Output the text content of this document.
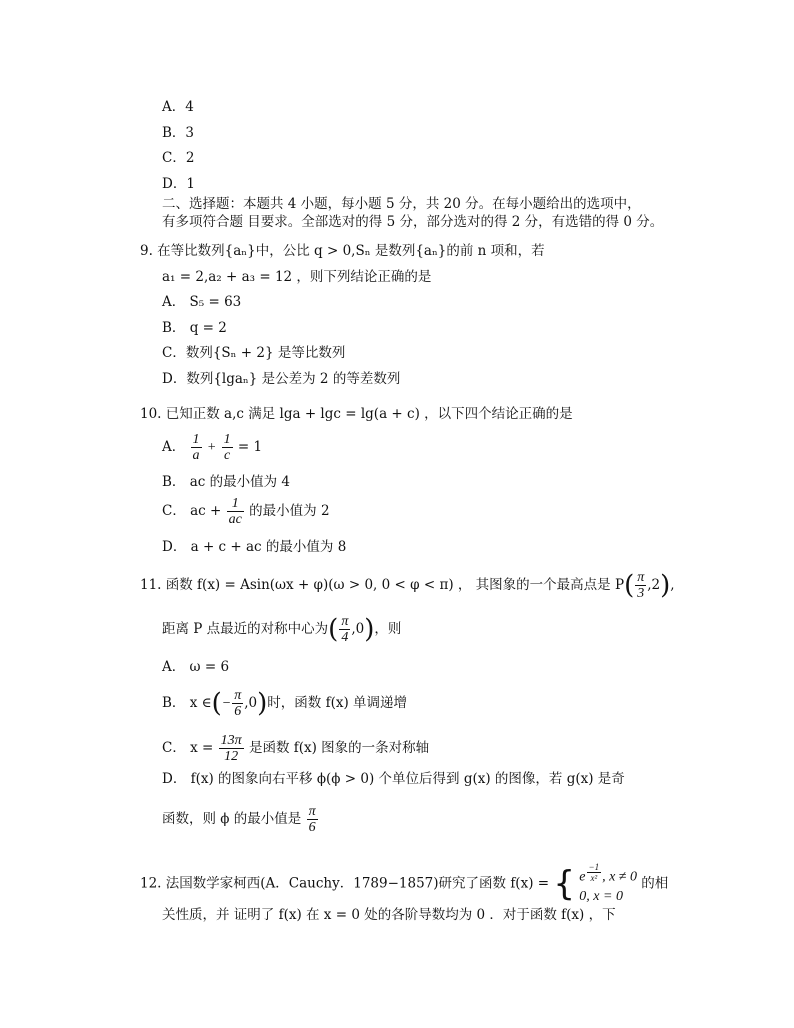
A．4
B．3
C．2
D．1
二、选择题：本题共 4 小题，每小题 5 分，共 20 分。在每小题给出的选项中，
有多项符合题 目要求。全部选对的得 5 分，部分选对的得 2 分，有选错的得 0 分。
9. 在等比数列{aₙ}中，公比 q > 0,Sₙ 是数列{aₙ}的前 n 项和，若
a₁ = 2,a₂ + a₃ = 12 ，则下列结论正确的是
A． S₅ = 63
B． q = 2
C．数列{Sₙ + 2} 是等比数列
D．数列{lgaₙ} 是公差为 2 的等差数列
10. 已知正数 a,c 满足 lga + lgc = lg(a + c) ，以下四个结论正确的是
A． $\frac{1}{a} + \frac{1}{c} = 1$
B． ac 的最小值为 4
C． ac + $\frac{1}{ac}$ 的最小值为 2
D． a + c + ac 的最小值为 8
11. 函数 f(x) = Asin(ωx + φ)(ω > 0, 0 < φ < π) ， 其图象的一个最高点是 $P( \frac{\pi}{3} ,2)$,
距离 P 点最近的对称中心为( $\frac{\pi}{4} ,0$)，则
A． ω = 6
B． x ∈(− $\frac{\pi}{6} ,0$)时，函数 f(x) 单调递增
C． $x = \frac{13\pi}{12}$ 是函数 f(x) 图象的一条对称轴
D． f(x) 的图象向右平移 ϕ(ϕ > 0) 个单位后得到 g(x) 的图像，若 g(x) 是奇
函数，则 ϕ 的最小值是 $\frac{\pi}{6}$
12. 法国数学家柯西(A．Cauchy．1789−1857)研究了函数 f(x) = { e $^{\frac{-1}{\text{x²}}}$ , x ≠ 0
0, x = 0
的相
关性质，并 证明了 f(x) 在 x = 0 处的各阶导数均为 0 ．对于函数 f(x) ，下
